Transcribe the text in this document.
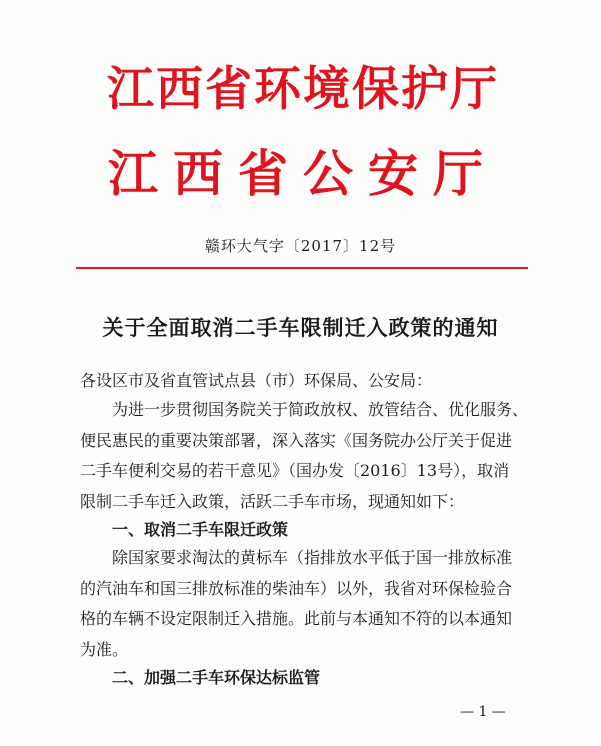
江西省环境保护厅
江西省公安厅
赣环大气字〔2017〕12号
关于全面取消二手车限制迁入政策的通知
各设区市及省直管试点县（市）环保局、公安局：
为进一步贯彻国务院关于简政放权、放管结合、优化服务、
便民惠民的重要决策部署，深入落实《国务院办公厅关于促进
二手车便利交易的若干意见》（国办发〔2016〕13号），取消
限制二手车迁入政策，活跃二手车市场，现通知如下：
一、取消二手车限迁政策
除国家要求淘汰的黄标车（指排放水平低于国一排放标准
的汽油车和国三排放标准的柴油车）以外，我省对环保检验合
格的车辆不设定限制迁入措施。此前与本通知不符的以本通知
为准。
二、加强二手车环保达标监管
— 1 —
